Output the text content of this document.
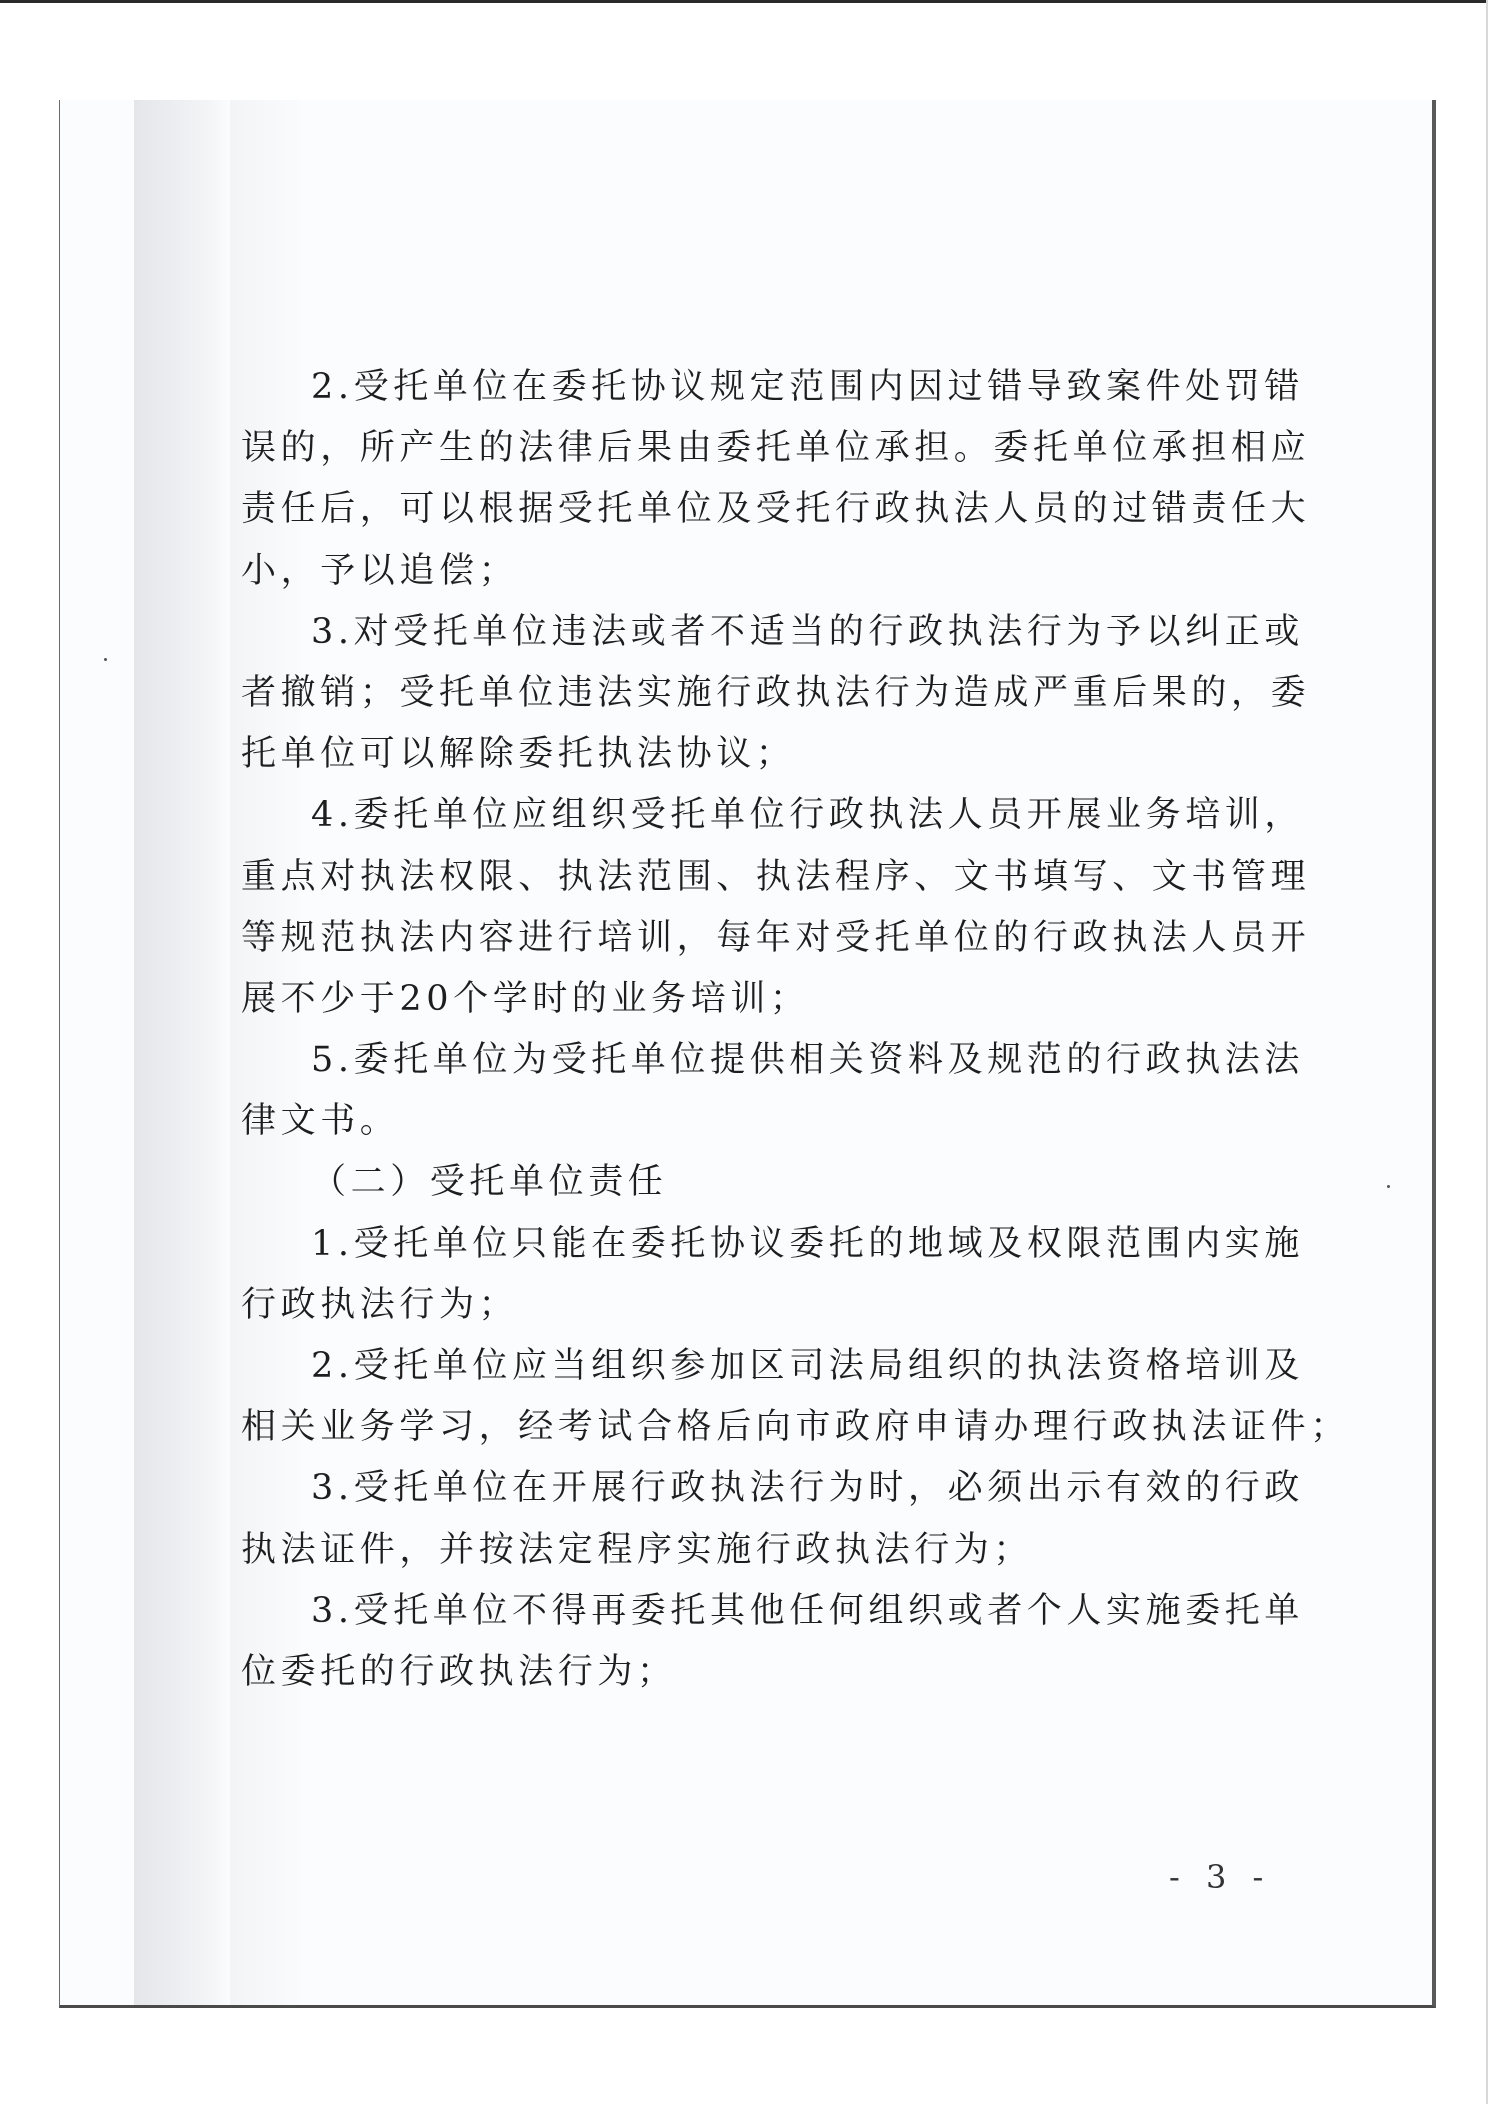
2.受托单位在委托协议规定范围内因过错导致案件处罚错
误的，所产生的法律后果由委托单位承担。委托单位承担相应
责任后，可以根据受托单位及受托行政执法人员的过错责任大
小，予以追偿；
3.对受托单位违法或者不适当的行政执法行为予以纠正或
者撤销；受托单位违法实施行政执法行为造成严重后果的，委
托单位可以解除委托执法协议；
4.委托单位应组织受托单位行政执法人员开展业务培训，
重点对执法权限、执法范围、执法程序、文书填写、文书管理
等规范执法内容进行培训，每年对受托单位的行政执法人员开
展不少于20个学时的业务培训；
5.委托单位为受托单位提供相关资料及规范的行政执法法
律文书。
（二）受托单位责任
1.受托单位只能在委托协议委托的地域及权限范围内实施
行政执法行为；
2.受托单位应当组织参加区司法局组织的执法资格培训及
相关业务学习，经考试合格后向市政府申请办理行政执法证件；
3.受托单位在开展行政执法行为时，必须出示有效的行政
执法证件，并按法定程序实施行政执法行为；
3.受托单位不得再委托其他任何组织或者个人实施委托单
位委托的行政执法行为；
- 3 -
